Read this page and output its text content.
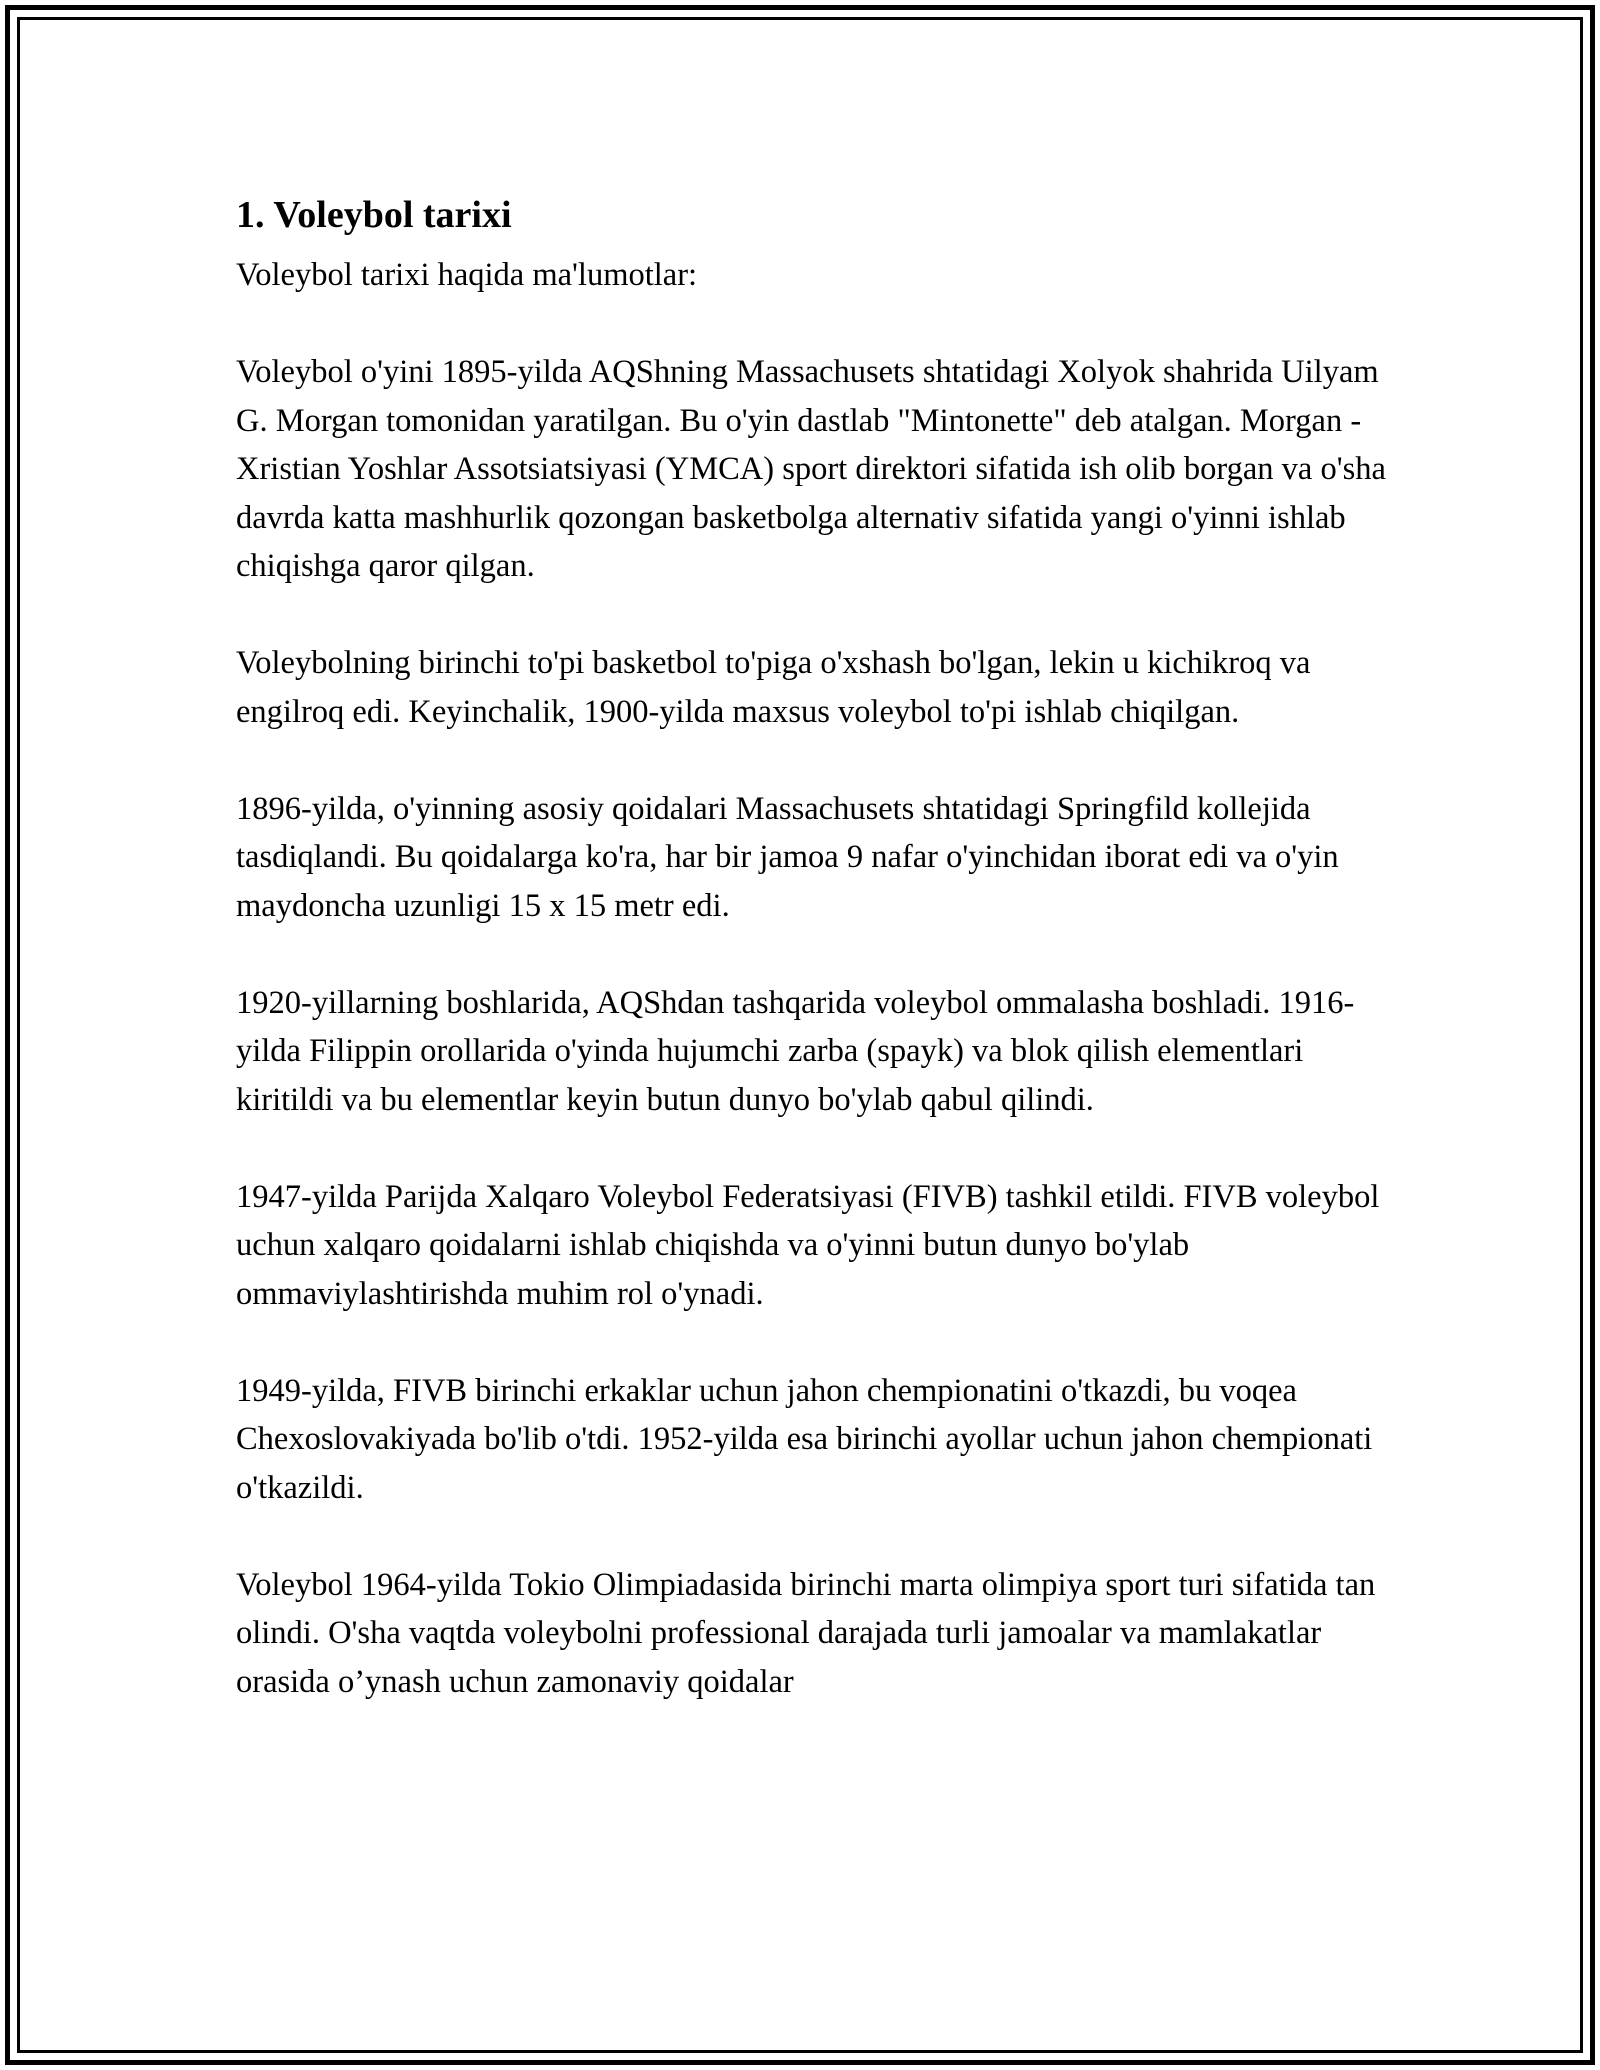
1. Voleybol tarixi

Voleybol tarixi haqida ma'lumotlar:

Voleybol o'yini 1895-yilda AQShning Massachusets shtatidagi Xolyok shahrida Uilyam G. Morgan tomonidan yaratilgan. Bu o'yin dastlab "Mintonette" deb atalgan. Morgan - Xristian Yoshlar Assotsiatsiyasi (YMCA) sport direktori sifatida ish olib borgan va o'sha davrda katta mashhurlik qozongan basketbolga alternativ sifatida yangi o'yinni ishlab chiqishga qaror qilgan.

Voleybolning birinchi to'pi basketbol to'piga o'xshash bo'lgan, lekin u kichikroq va engilroq edi. Keyinchalik, 1900-yilda maxsus voleybol to'pi ishlab chiqilgan.

1896-yilda, o'yinning asosiy qoidalari Massachusets shtatidagi Springfild kollejida tasdiqlandi. Bu qoidalarga ko'ra, har bir jamoa 9 nafar o'yinchidan iborat edi va o'yin maydoncha uzunligi 15 x 15 metr edi.

1920-yillarning boshlarida, AQShdan tashqarida voleybol ommalasha boshladi. 1916-yilda Filippin orollarida o'yinda hujumchi zarba (spayk) va blok qilish elementlari kiritildi va bu elementlar keyin butun dunyo bo'ylab qabul qilindi.

1947-yilda Parijda Xalqaro Voleybol Federatsiyasi (FIVB) tashkil etildi. FIVB voleybol uchun xalqaro qoidalarni ishlab chiqishda va o'yinni butun dunyo bo'ylab ommaviylashtirishda muhim rol o'ynadi.

1949-yilda, FIVB birinchi erkaklar uchun jahon chempionatini o'tkazdi, bu voqea Chexoslovakiyada bo'lib o'tdi. 1952-yilda esa birinchi ayollar uchun jahon chempionati o'tkazildi.

Voleybol 1964-yilda Tokio Olimpiadasida birinchi marta olimpiya sport turi sifatida tan olindi. O'sha vaqtda voleybolni professional darajada turli jamoalar va mamlakatlar orasida o’ynash uchun zamonaviy qoidalar
